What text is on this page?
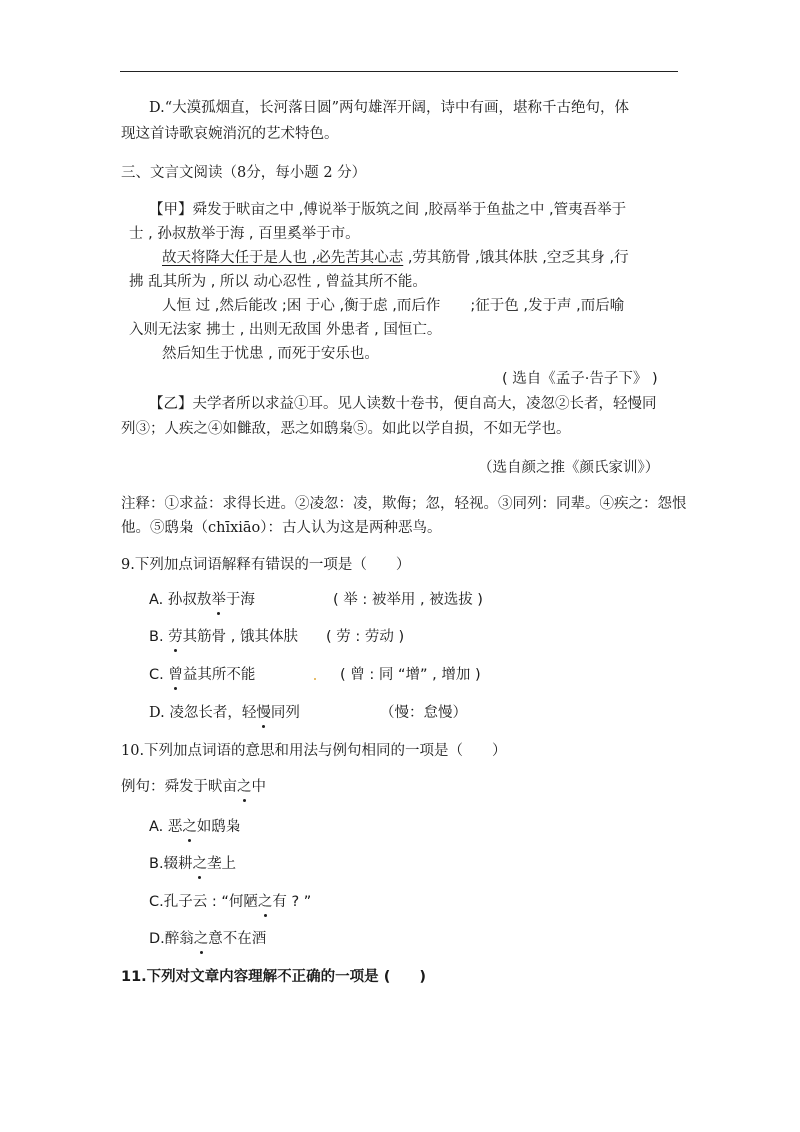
D.“大漠孤烟直，长河落日圆”两句雄浑开阔，诗中有画，堪称千古绝句，体
现这首诗歌哀婉消沉的艺术特色。
三、文言文阅读（8分，每小题 2 分）
【甲】舜发于畎亩之中 ,傅说举于版筑之间 ,胶鬲举于鱼盐之中 ,管夷吾举于
士 , 孙叔敖举于海 , 百里奚举于市。
故天将降大任于是人也 ,必先苦其心志 ,劳其筋骨 ,饿其体肤 ,空乏其身 ,行
拂 乱其所为 , 所以 动心忍性 , 曾益其所不能。
人恒 过 ,然后能改 ;困 于心 ,衡于虑 ,而后作 ;征于色 ,发于声 ,而后喻
入则无法家 拂士 , 出则无敌国 外患者 , 国恒亡。
然后知生于忧患 , 而死于安乐也。
( 选自《孟子·告子下》 )
【乙】夫学者所以求益①耳。见人读数十卷书，便自高大，凌忽②长者，轻慢同
列③；人疾之④如雠敌，恶之如鸱枭⑤。如此以学自损，不如无学也。
（选自颜之推《颜氏家训》）
注释：①求益：求得长进。②凌忽：凌，欺侮；忽，轻视。③同列：同辈。④疾之：怨恨
他。⑤鸱枭（chīxiāo）：古人认为这是两种恶鸟。
9.下列加点词语解释有错误的一项是（　　）
A. 孙叔敖举于海	( 举 : 被举用 , 被选拔 )
B. 劳其筋骨 , 饿其体肤 ( 劳 : 劳动 )
C. 曾益其所不能	( 曾 : 同 “增” , 增加 )
D. 凌忽长者，轻慢同列	（慢：怠慢）
10.下列加点词语的意思和用法与例句相同的一项是（　　）
例句：舜发于畎亩之中
A. 恶之如鸱枭
B.辍耕之垄上
C.孔子云 : “何陋之有 ? ”
D.醉翁之意不在酒
11.下列对文章内容理解不正确的一项是 (　　)
